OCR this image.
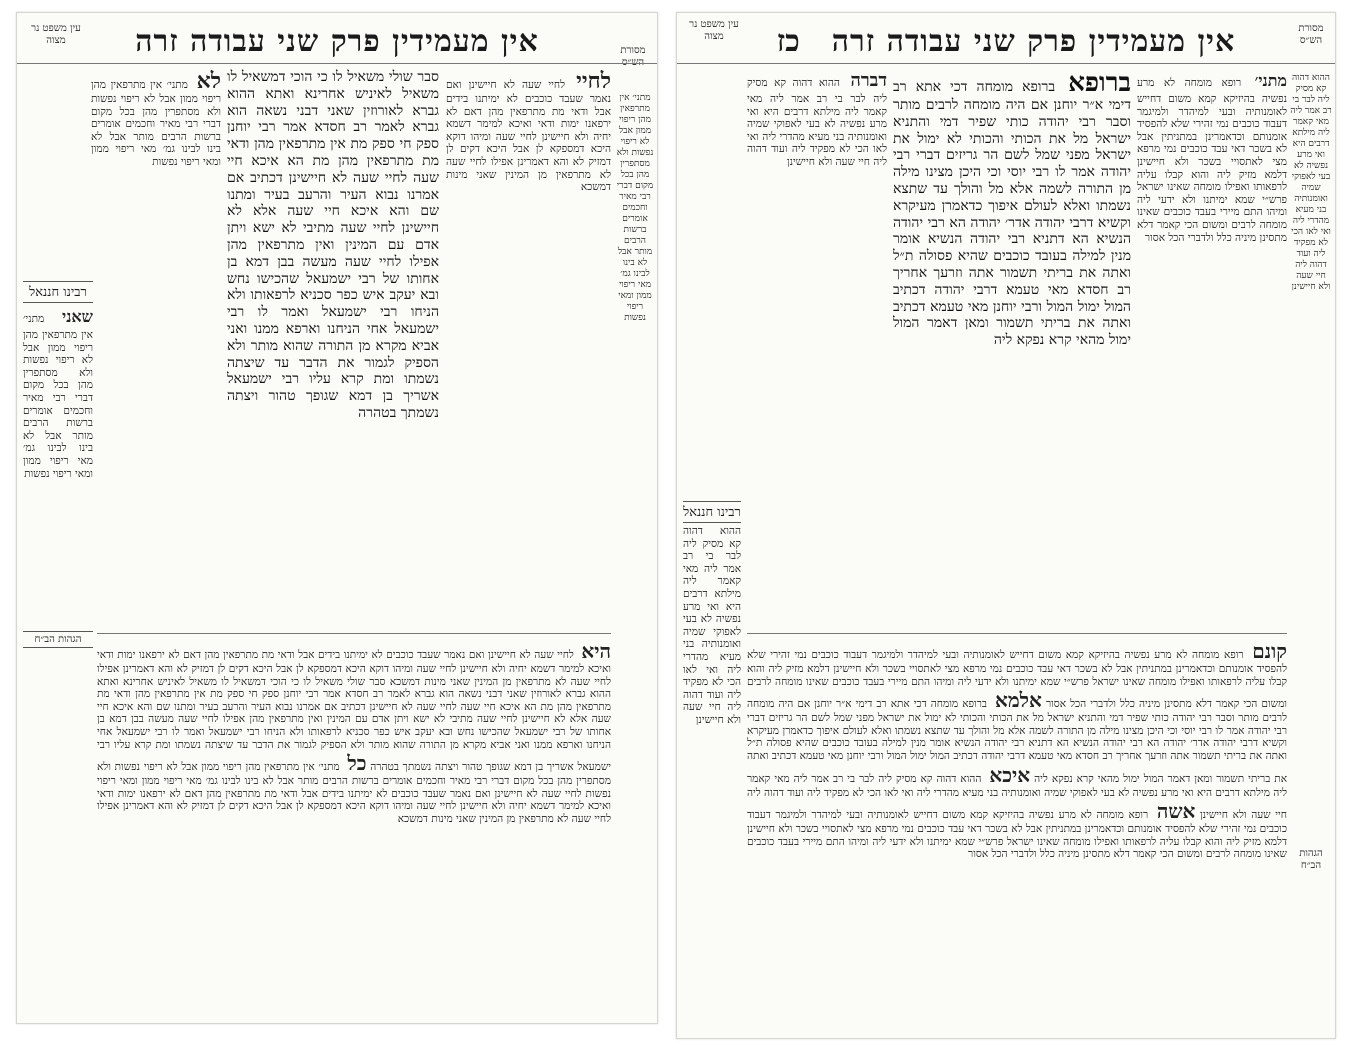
אין מעמידין פרק שני עבודה זרה	מסורת
עין משפט נר מצוה
לחיי לחיי שעה לא חיישינן ואם נאמר שעבד כוכבים לא ימיתנו בידים אבל ודאי מת מתרפאין מהן דאם לא ירפאנו ימות ודאי ואיכא למימר דשמא יחיה ולא חיישינן לחיי שעה ומיהו דוקא היכא דמספקא לן אבל היכא דקים לן דמזיק לא והא דאמרינן אפילו לחיי שעה לא מתרפאין מן המינין שאני מינות דמשכא
סבר שולי משאיל לו כי הוכי דמשאיל לו משאיל לאיניש אחרינא ואתא ההוא גברא לאורוזין שאני דבני נשאה הוא גברא לאמר רב חסדא אמר רבי יוחנן ספק חי ספק מת אין מתרפאין מהן ודאי מת מתרפאין מהן מת הא איכא חיי שעה לחיי שעה לא חיישינן דכתיב אם אמרנו נבוא העיר והרעב בעיר ומתנו שם והא איכא חיי שעה אלא לא חיישינן לחיי שעה מתיבי לא ישא ויתן אדם עם המינין ואין מתרפאין מהן אפילו לחיי שעה מעשה בבן דמא בן אחותו של רבי ישמעאל שהכישו נחש ובא יעקב איש כפר סכניא לרפאותו ולא הניחו רבי ישמעאל ואמר לו רבי ישמעאל אחי הניחנו וארפא ממנו ואני אביא מקרא מן התורה שהוא מותר ולא הספיק לגמור את הדבר עד שיצתה נשמתו ומת קרא עליו רבי ישמעאל אשריך בן דמא שגופך טהור ויצתה נשמתך בטהרה
לא מתני׳ אין מתרפאין מהן ריפוי ממון אבל לא ריפוי נפשות ולא מסתפרין מהן בכל מקום דברי רבי מאיר וחכמים אומרים ברשות הרבים מותר אבל לא בינו לבינו גמ׳ מאי ריפוי ממון ומאי ריפוי נפשות
רבינו חננאל
שאני מתני׳ אין מתרפאין מהן ריפוי ממון אבל לא ריפוי נפשות ולא מסתפרין מהן בכל מקום דברי רבי מאיר וחכמים אומרים ברשות הרבים מותר אבל לא בינו לבינו גמ׳ מאי ריפוי ממון ומאי ריפוי נפשות
הגהות הב״ח	היא לחיי שעה לא חיישינן ואם נאמר שעבד כוכבים לא ימיתנו בידים אבל ודאי מת מתרפאין מהן דאם לא ירפאנו ימות ודאי ואיכא למימר דשמא יחיה ולא חיישינן לחיי שעה ומיהו דוקא היכא דמספקא לן אבל היכא דקים לן דמזיק לא והא דאמרינן אפילו לחיי שעה לא מתרפאין מן המינין שאני מינות דמשכא סבר שולי משאיל לו כי הוכי דמשאיל לו משאיל לאיניש אחרינא ואתא ההוא גברא לאורוזין שאני דבני נשאה הוא גברא לאמר רב חסדא אמר רבי יוחנן ספק חי ספק מת אין מתרפאין מהן ודאי מת מתרפאין מהן מת הא איכא חיי שעה לחיי שעה לא חיישינן דכתיב אם אמרנו נבוא העיר והרעב בעיר ומתנו שם והא איכא חיי שעה אלא לא חיישינן לחיי שעה מתיבי לא ישא ויתן אדם עם המינין ואין מתרפאין מהן אפילו לחיי שעה מעשה בבן דמא בן אחותו של רבי ישמעאל שהכישו נחש ובא יעקב איש כפר סכניא לרפאותו ולא הניחו רבי ישמעאל ואמר לו רבי ישמעאל אחי הניחנו וארפא ממנו ואני אביא מקרא מן התורה שהוא מותר ולא הספיק לגמור את הדבר עד שיצתה נשמתו ומת קרא עליו רבי ישמעאל אשריך בן דמא שגופך טהור ויצתה נשמתך בטהרה כל מתני׳ אין מתרפאין מהן ריפוי ממון אבל לא ריפוי נפשות ולא מסתפרין מהן בכל מקום דברי רבי מאיר וחכמים אומרים ברשות הרבים מותר אבל לא בינו לבינו גמ׳ מאי ריפוי ממון ומאי ריפוי נפשות לחיי שעה לא חיישינן ואם נאמר שעבד כוכבים לא ימיתנו בידים אבל ודאי מת מתרפאין מהן דאם לא ירפאנו ימות ודאי ואיכא למימר דשמא יחיה ולא חיישינן לחיי שעה ומיהו דוקא היכא דמספקא לן אבל היכא דקים לן דמזיק לא והא דאמרינן אפילו לחיי שעה לא מתרפאין מן המינין שאני מינות דמשכא
מתני׳ אין מתרפאין מהן ריפוי ממון אבל לא ריפוי נפשות ולא מסתפרין מהן בכל מקום דברי רבי מאיר וחכמים אומרים ברשות הרבים מותר אבל לא בינו לבינו גמ׳ מאי ריפוי ממון ומאי ריפוי נפשות
אין מעמידין פרק שני עבודה זרה
כז	מסורת הש״ס
עין משפט נר מצוה
מתני׳ רופא מומחה לא מרע נפשיה בהיזיקא קמא משום דחייש לאומנותיה ובעי למיהדר ולמיגמר דעבוד כוכבים נמי זהירי שלא להפסיד אומנותם וכדאמרינן במתניתין אבל לא בשכר דאי עבד כוכבים נמי מרפא מצי לאתסויי בשכר ולא חיישינן דלמא מזיק ליה והוא קבלו עליה לרפאותו ואפילו מומחה שאינו ישראל פרש״י שמא ימיתנו ולא ידעי ליה ומיהו התם מיירי בעבד כוכבים שאינו מומחה לרבים ומשום הכי קאמר דלא מתסינן מיניה כלל ולדברי הכל אסור
ברופא ברופא מומחה דכי אתא רב דימי א״ר יוחנן אם היה מומחה לרבים מותר וסבר רבי יהודה כותי שפיר דמי והתניא ישראל מל את הכותי והכותי לא ימול את ישראל מפני שמל לשם הר גריזים דברי רבי יהודה אמר לו רבי יוסי וכי היכן מצינו מילה מן התורה לשמה אלא מל והולך עד שתצא נשמתו ואלא לעולם איפוך כדאמרן מעיקרא וקשיא דרבי יהודה אדר׳ יהודה הא רבי יהודה הנשיא הא דתניא רבי יהודה הנשיא אומר מנין למילה בעובד כוכבים שהיא פסולה ת״ל ואתה את בריתי תשמור אתה וזרעך אחריך רב חסדא מאי טעמא דרבי יהודה דכתיב המול ימול המול ורבי יוחנן מאי טעמא דכתיב ואתה את בריתי תשמור ומאן דאמר המול ימול מהאי קרא נפקא ליה
דברה ההוא דהוה קא מסיק ליה לבר בי רב אמר ליה מאי קאמר ליה מילתא דרבים היא ואי מרע נפשיה לא בעי לאפוקי שמיה ואומנותיה בני מעיא מהדרי ליה ואי לאו הכי לא מפקיד ליה ועוד דהוה ליה חיי שעה ולא חיישינן
רבינו חננאל
ההוא דהוה קא מסיק ליה לבר בי רב אמר ליה מאי קאמר ליה מילתא דרבים היא ואי מרע נפשיה לא בעי לאפוקי שמיה ואומנותיה בני מעיא מהדרי ליה ואי לאו הכי לא מפקיד ליה ועוד דהוה ליה חיי שעה ולא חיישינן
קונם רופא מומחה לא מרע נפשיה בהיזיקא קמא משום דחייש לאומנותיה ובעי למיהדר ולמיגמר דעבוד כוכבים נמי זהירי שלא להפסיד אומנותם וכדאמרינן במתניתין אבל לא בשכר דאי עבד כוכבים נמי מרפא מצי לאתסויי בשכר ולא חיישינן דלמא מזיק ליה והוא קבלו עליה לרפאותו ואפילו מומחה שאינו ישראל פרש״י שמא ימיתנו ולא ידעי ליה ומיהו התם מיירי בעבד כוכבים שאינו מומחה לרבים ומשום הכי קאמר דלא מתסינן מיניה כלל ולדברי הכל אסור אלמא ברופא מומחה דכי אתא רב דימי א״ר יוחנן אם היה מומחה לרבים מותר וסבר רבי יהודה כותי שפיר דמי והתניא ישראל מל את הכותי והכותי לא ימול את ישראל מפני שמל לשם הר גריזים דברי רבי יהודה אמר לו רבי יוסי וכי היכן מצינו מילה מן התורה לשמה אלא מל והולך עד שתצא נשמתו ואלא לעולם איפוך כדאמרן מעיקרא וקשיא דרבי יהודה אדר׳ יהודה הא רבי יהודה הנשיא הא דתניא רבי יהודה הנשיא אומר מנין למילה בעובד כוכבים שהיא פסולה ת״ל ואתה את בריתי תשמור אתה וזרעך אחריך רב חסדא מאי טעמא דרבי יהודה דכתיב המול ימול המול ורבי יוחנן מאי טעמא דכתיב ואתה את בריתי תשמור ומאן דאמר המול ימול מהאי קרא נפקא ליה איכא ההוא דהוה קא מסיק ליה לבר בי רב אמר ליה מאי קאמר ליה מילתא דרבים היא ואי מרע נפשיה לא בעי לאפוקי שמיה ואומנותיה בני מעיא מהדרי ליה ואי לאו הכי לא מפקיד ליה ועוד דהוה ליה חיי שעה ולא חיישינן אשה רופא מומחה לא מרע נפשיה בהיזיקא קמא משום דחייש לאומנותיה ובעי למיהדר ולמיגמר דעבוד כוכבים נמי זהירי שלא להפסיד אומנותם וכדאמרינן במתניתין אבל לא בשכר דאי עבד כוכבים נמי מרפא מצי לאתסויי בשכר ולא חיישינן דלמא מזיק ליה והוא קבלו עליה לרפאותו ואפילו מומחה שאינו ישראל פרש״י שמא ימיתנו ולא ידעי ליה ומיהו התם מיירי בעבד כוכבים שאינו מומחה לרבים ומשום הכי קאמר דלא מתסינן מיניה כלל ולדברי הכל אסור
ההוא דהוה קא מסיק ליה לבר בי רב אמר ליה מאי קאמר ליה מילתא דרבים היא ואי מרע נפשיה לא בעי לאפוקי שמיה ואומנותיה בני מעיא מהדרי ליה ואי לאו הכי לא מפקיד ליה ועוד דהוה ליה חיי שעה ולא חיישינן
הגהות הב״ח
